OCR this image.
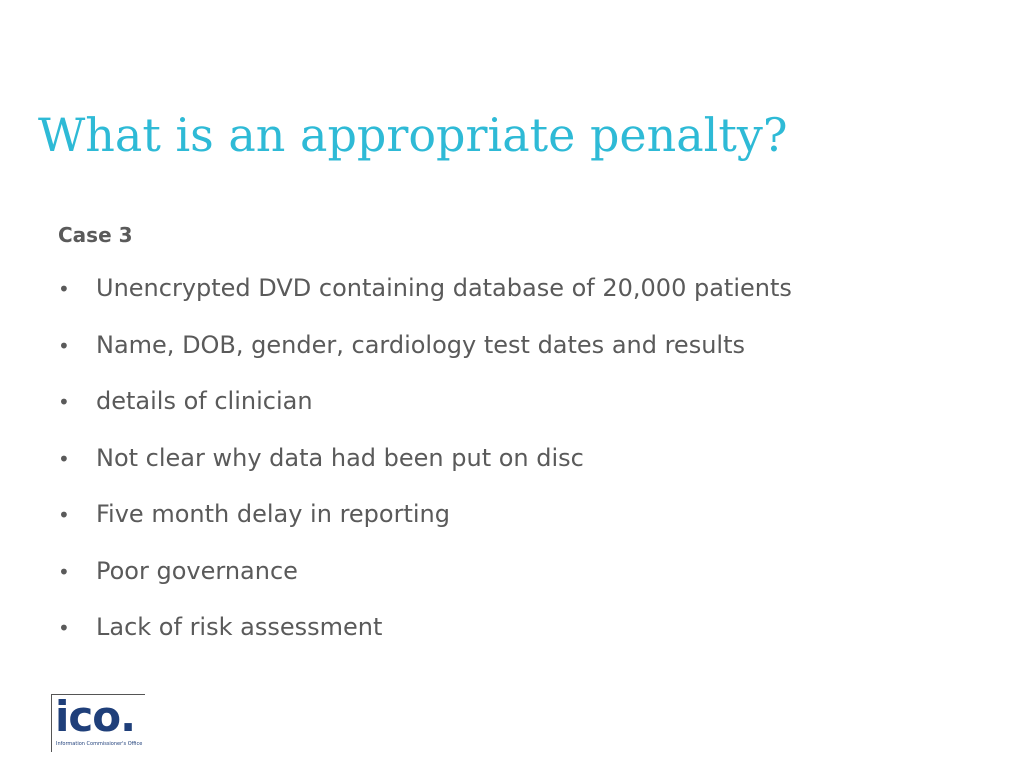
What is an appropriate penalty?
Case 3
•	Unencrypted DVD containing database of 20,000 patients
•	Name, DOB, gender, cardiology test dates and results
•	details of clinician
•	Not clear why data had been put on disc
•	Five month delay in reporting
•	Poor governance
•	Lack of risk assessment
ico.
Information Commissioner's Office
